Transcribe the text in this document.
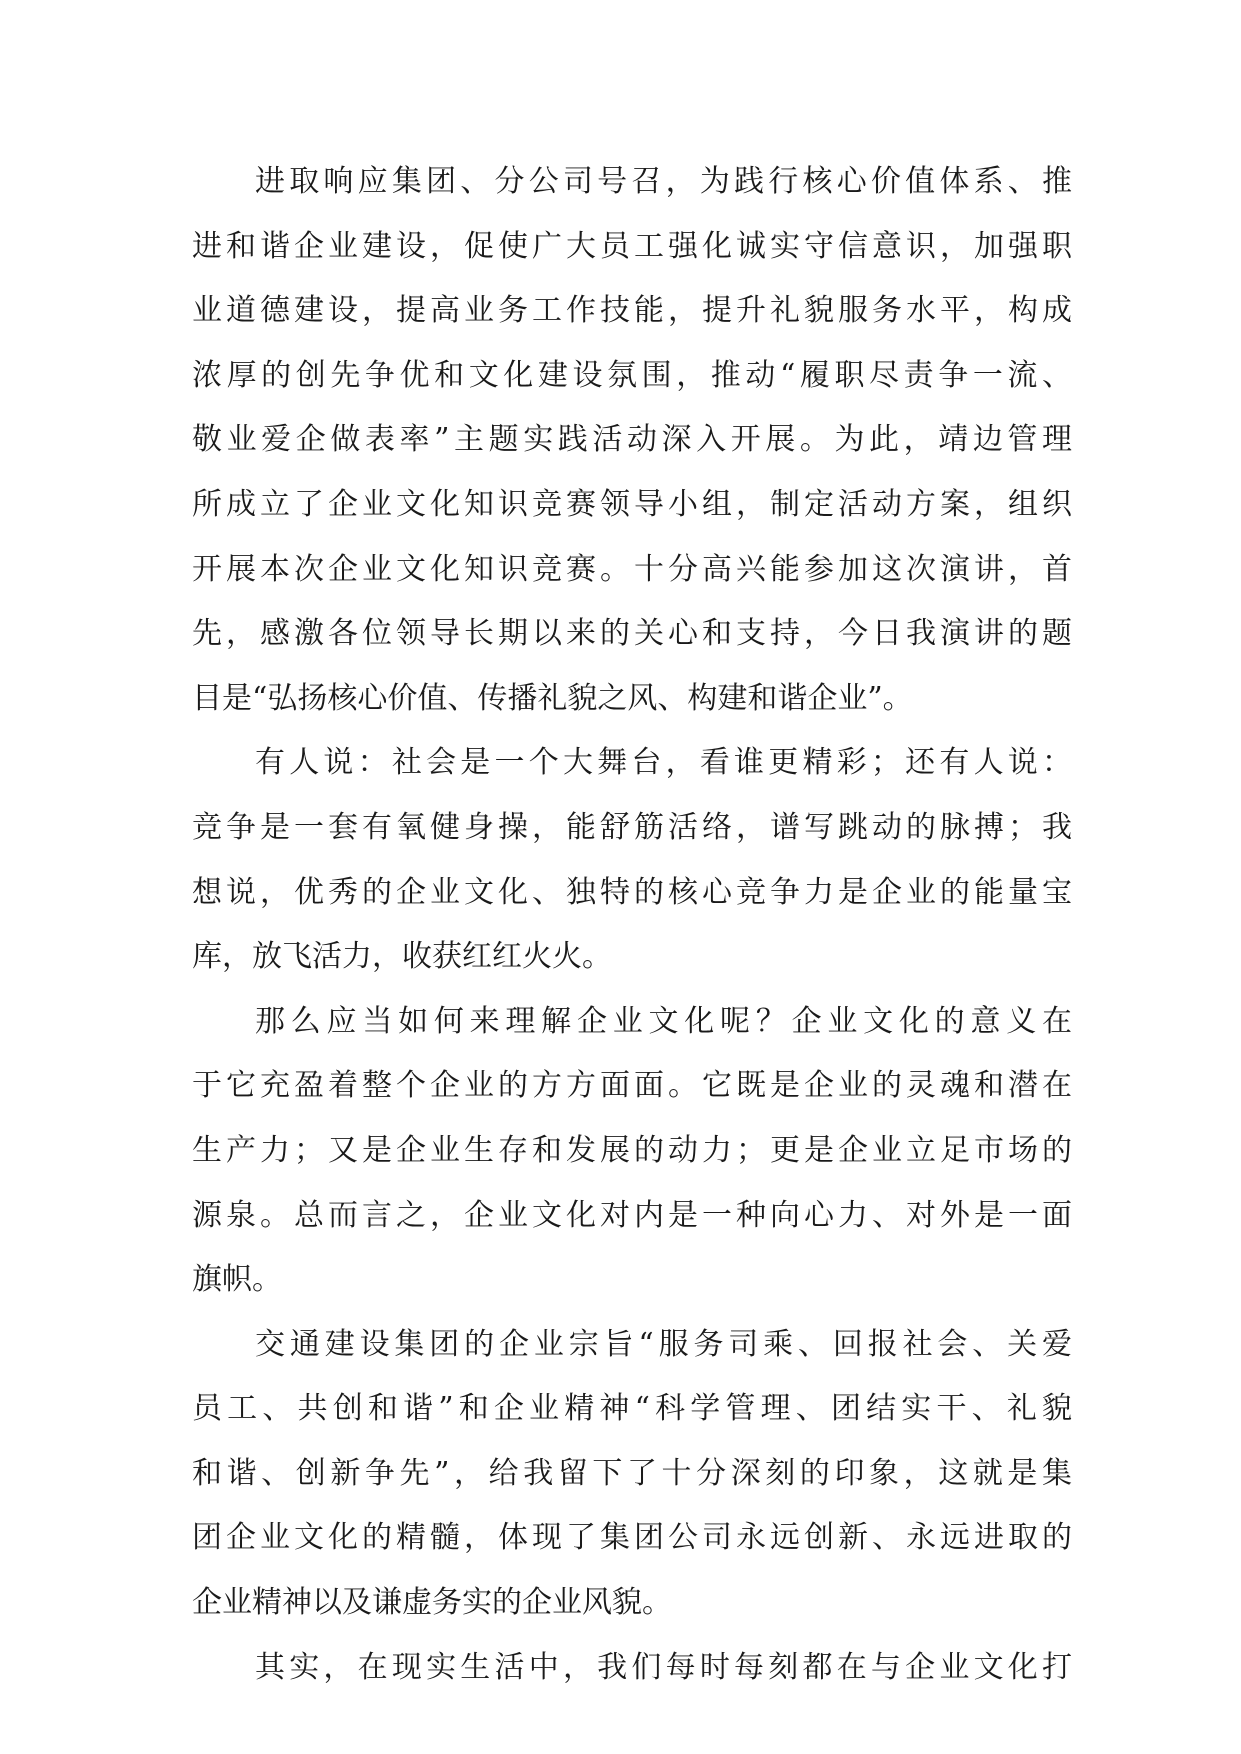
进取响应集团、分公司号召，为践行核心价值体系、推
进和谐企业建设，促使广大员工强化诚实守信意识，加强职
业道德建设，提高业务工作技能，提升礼貌服务水平，构成
浓厚的创先争优和文化建设氛围，推动“履职尽责争一流、
敬业爱企做表率”主题实践活动深入开展。为此，靖边管理
所成立了企业文化知识竞赛领导小组，制定活动方案，组织
开展本次企业文化知识竞赛。十分高兴能参加这次演讲，首
先，感激各位领导长期以来的关心和支持，今日我演讲的题
目是“弘扬核心价值、传播礼貌之风、构建和谐企业”。
有人说：社会是一个大舞台，看谁更精彩；还有人说：
竞争是一套有氧健身操，能舒筋活络，谱写跳动的脉搏；我
想说，优秀的企业文化、独特的核心竞争力是企业的能量宝
库，放飞活力，收获红红火火。
那么应当如何来理解企业文化呢？企业文化的意义在
于它充盈着整个企业的方方面面。它既是企业的灵魂和潜在
生产力；又是企业生存和发展的动力；更是企业立足市场的
源泉。总而言之，企业文化对内是一种向心力、对外是一面
旗帜。
交通建设集团的企业宗旨“服务司乘、回报社会、关爱
员工、共创和谐”和企业精神“科学管理、团结实干、礼貌
和谐、创新争先”，给我留下了十分深刻的印象，这就是集
团企业文化的精髓，体现了集团公司永远创新、永远进取的
企业精神以及谦虚务实的企业风貌。
其实，在现实生活中，我们每时每刻都在与企业文化打
